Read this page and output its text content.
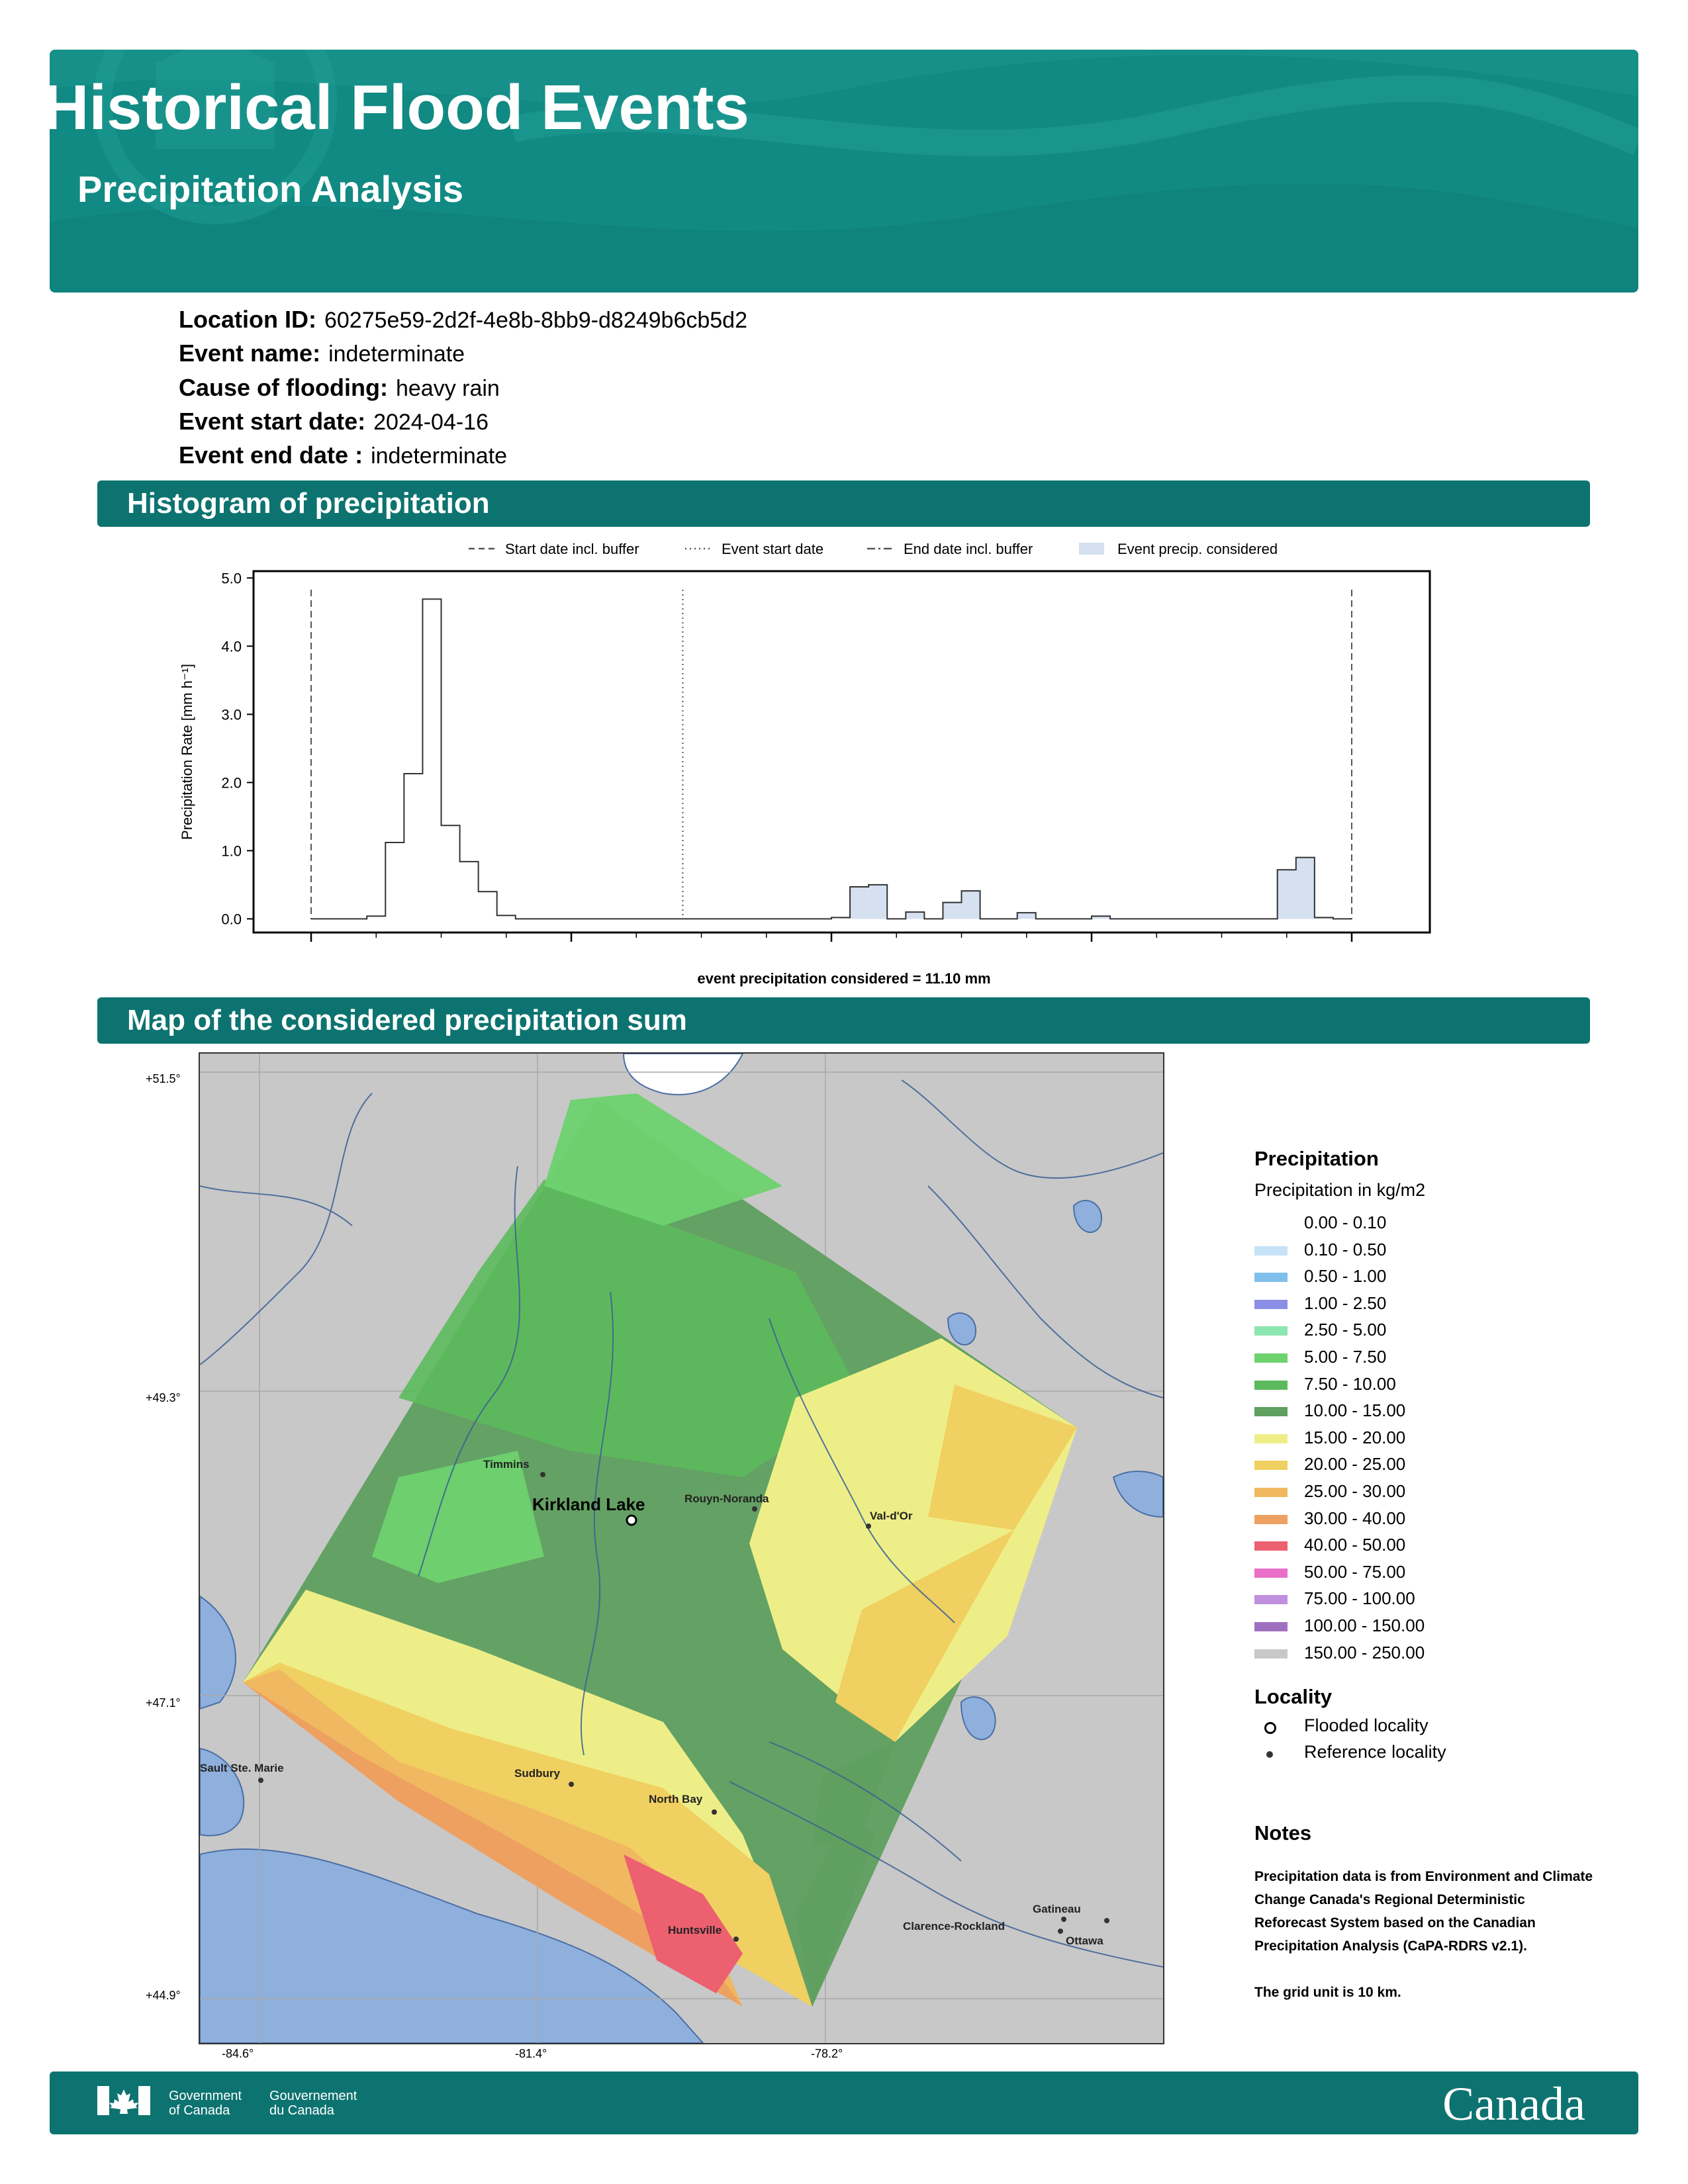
Historical Flood Events
Precipitation Analysis
Location ID: 60275e59-2d2f-4e8b-8bb9-d8249b6cb5d2
Event name: indeterminate
Cause of flooding: heavy rain
Event start date: 2024-04-16
Event end date : indeterminate
Histogram of precipitation
Start date incl. buffer	Event start date	End date incl. buffer	Event precip. considered
0.0
1.0
2.0
3.0
4.0
5.0
Precipitation Rate [mm h⁻¹]
event precipitation considered = 11.10 mm
Map of the considered precipitation sum
+51.5°
+49.3°
+47.1°
+44.9°
-84.6°	-81.4°	-78.2°
Kirkland Lake
Timmins
Rouyn-Noranda
Val-d'Or
Sault Ste. Marie	Sudbury
North Bay
Huntsville
Gatineau
Clarence-Rockland
Ottawa
Precipitation
Precipitation in kg/m2
0.00 - 0.10
0.10 - 0.50
0.50 - 1.00
1.00 - 2.50
2.50 - 5.00
5.00 - 7.50
7.50 - 10.00
10.00 - 15.00
15.00 - 20.00
20.00 - 25.00
25.00 - 30.00
30.00 - 40.00
40.00 - 50.00
50.00 - 75.00
75.00 - 100.00
100.00 - 150.00
150.00 - 250.00
Locality
Flooded locality
Reference locality
Notes
Precipitation data is from Environment and Climate Change Canada's Regional Deterministic Reforecast System based on the Canadian Precipitation Analysis (CaPA-RDRS v2.1).
The grid unit is 10 km.
Government
of Canada
Gouvernement
du Canada	Canada
